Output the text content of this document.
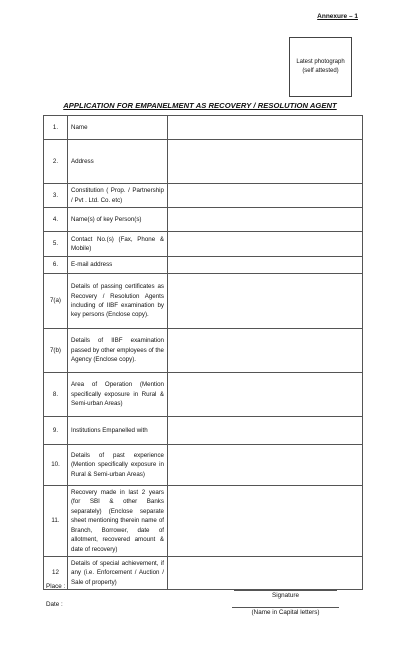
Annexure – 1
Latest photograph
(self attested)
APPLICATION FOR EMPANELMENT AS RECOVERY / RESOLUTION AGENT
1.	Name	
2.	Address	
3.	Constitution ( Prop. / Partnership / Pvt . Ltd. Co. etc)	
4.	Name(s) of key Person(s)	
5.	Contact No.(s) (Fax, Phone & Mobile)	
6.	E-mail address	
7(a)	Details of passing certificates as Recovery / Resolution Agents including of IIBF examination by key persons (Enclose copy).	
7(b)	Details of IIBF examination passed by other employees of the Agency (Enclose copy).	
8.	Area of Operation (Mention specifically exposure in Rural & Semi-urban Areas)	
9.	Institutions Empanelled with	
10.	Details of past experience (Mention specifically exposure in Rural & Semi-urban Areas)	
11.	Recovery made in last 2 years (for SBI & other Banks separately) (Enclose separate sheet mentioning therein name of Branch, Borrower, date of allotment, recovered amount & date of recovery)	
12	Details of special achievement, if any (i.e. Enforcement / Auction / Sale of property)	
Place :
Date :
Signature
(Name in Capital letters)
